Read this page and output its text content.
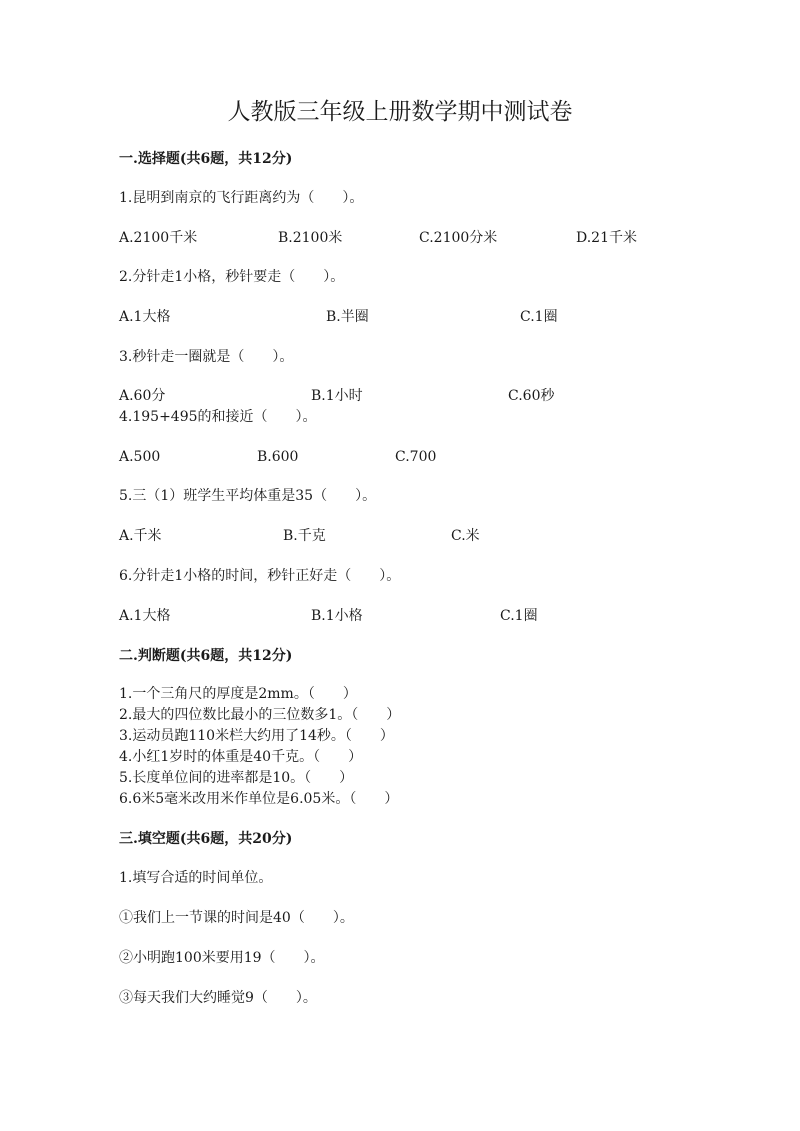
人教版三年级上册数学期中测试卷
一.选择题(共6题，共12分)
1.昆明到南京的飞行距离约为（　　）。
A.2100千米	B.2100米	C.2100分米	D.21千米
2.分针走1小格，秒针要走（　　）。
A.1大格	B.半圈	C.1圈
3.秒针走一圈就是（　　）。
A.60分	B.1小时	C.60秒
4.195+495的和接近（　　）。
A.500	B.600	C.700
5.三（1）班学生平均体重是35（　　）。
A.千米	B.千克	C.米
6.分针走1小格的时间，秒针正好走（　　）。
A.1大格	B.1小格	C.1圈
二.判断题(共6题，共12分)
1.一个三角尺的厚度是2mm。（　　）
2.最大的四位数比最小的三位数多1。（　　）
3.运动员跑110米栏大约用了14秒。（　　）
4.小红1岁时的体重是40千克。（　　）
5.长度单位间的进率都是10。（　　）
6.6米5毫米改用米作单位是6.05米。（　　）
三.填空题(共6题，共20分)
1.填写合适的时间单位。
①我们上一节课的时间是40（　　）。
②小明跑100米要用19（　　）。
③每天我们大约睡觉9（　　）。
